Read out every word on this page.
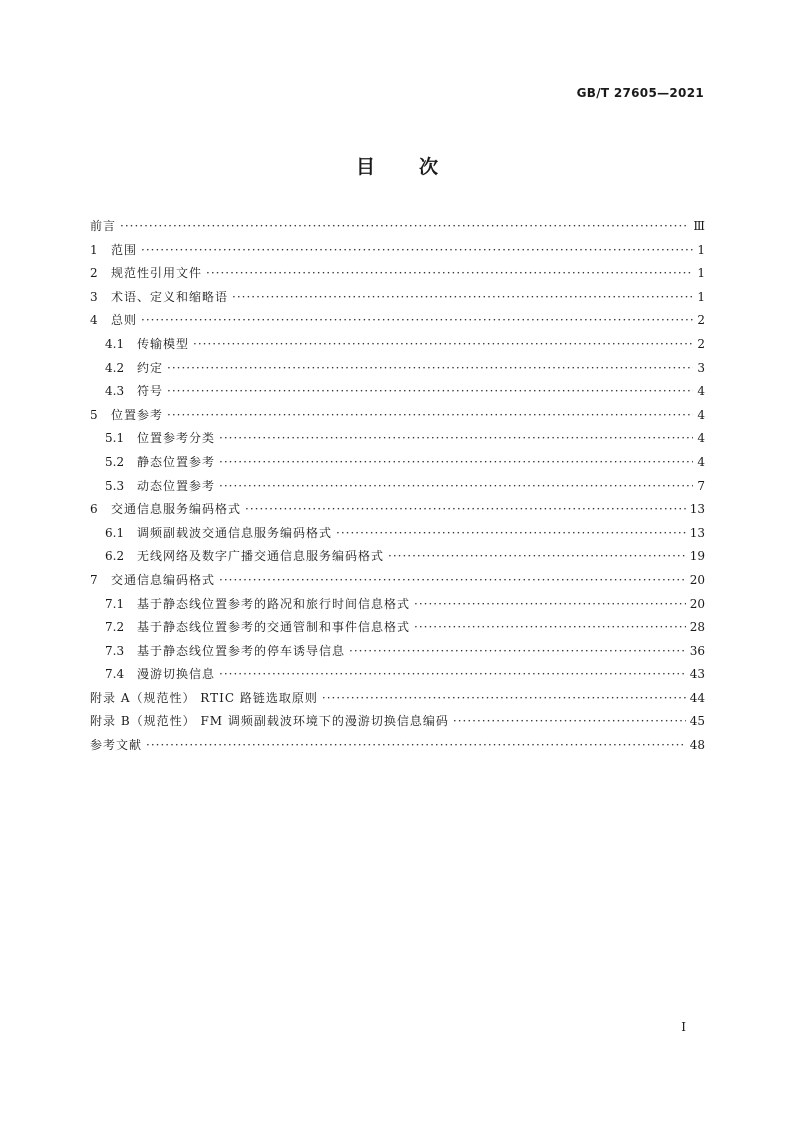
GB/T 27605—2021
目次
前言 ·····	Ⅲ
1	范围 ·····	1
2	规范性引用文件 ·····	1
3	术语、定义和缩略语 ·····	1
4	总则 ·····	2
4.1	传输模型 ·····	2
4.2	约定 ·····	3
4.3	符号 ·····	4
5	位置参考 ·····	4
5.1	位置参考分类 ·····	4
5.2	静态位置参考 ·····	4
5.3	动态位置参考 ·····	7
6	交通信息服务编码格式 ·····	13
6.1	调频副载波交通信息服务编码格式 ·····	13
6.2	无线网络及数字广播交通信息服务编码格式 ·····	19
7	交通信息编码格式 ·····	20
7.1	基于静态线位置参考的路况和旅行时间信息格式 ·····	20
7.2	基于静态线位置参考的交通管制和事件信息格式 ·····	28
7.3	基于静态线位置参考的停车诱导信息 ·····	36
7.4	漫游切换信息 ·····	43
附录 A（规范性） RTIC 路链选取原则 ·····	44
附录 B（规范性） FM 调频副载波环境下的漫游切换信息编码 ·····	45
参考文献 ·····	48
I
